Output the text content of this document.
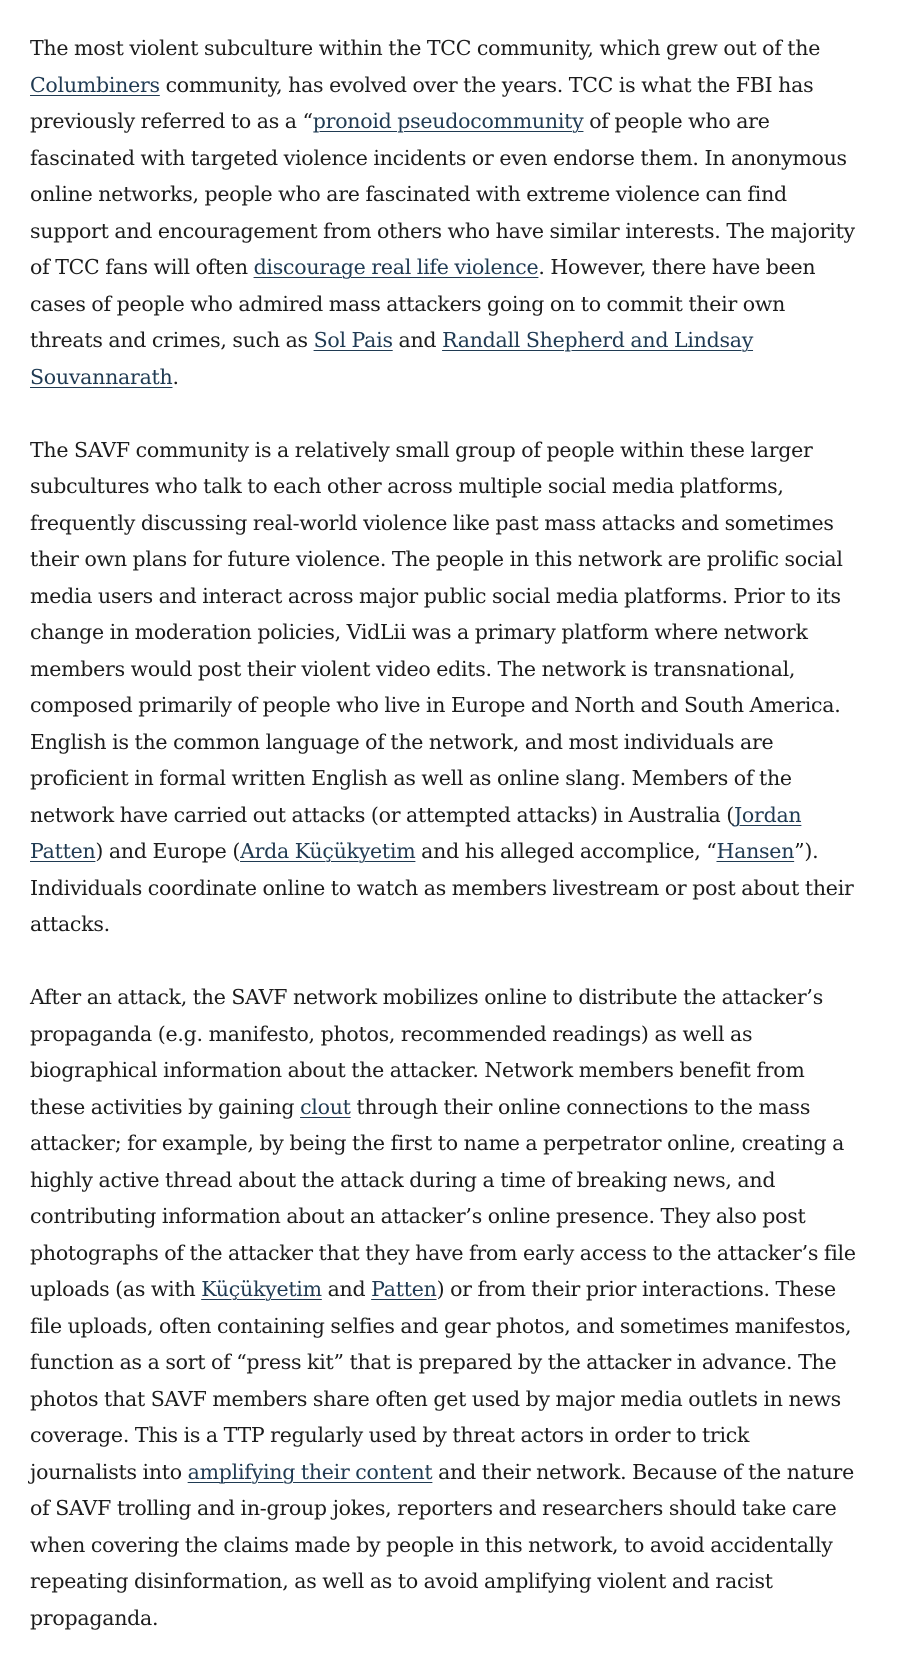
The most violent subculture within the TCC community, which grew out of the Columbiners community, has evolved over the years. TCC is what the FBI has previously referred to as a “pronoid pseudocommunity of people who are fascinated with targeted violence incidents or even endorse them. In anonymous online networks, people who are fascinated with extreme violence can find support and encouragement from others who have similar interests. The majority of TCC fans will often discourage real life violence. However, there have been cases of people who admired mass attackers going on to commit their own threats and crimes, such as Sol Pais and Randall Shepherd and Lindsay Souvannarath.

The SAVF community is a relatively small group of people within these larger subcultures who talk to each other across multiple social media platforms, frequently discussing real-world violence like past mass attacks and sometimes their own plans for future violence. The people in this network are prolific social media users and interact across major public social media platforms. Prior to its change in moderation policies, VidLii was a primary platform where network members would post their violent video edits. The network is transnational, composed primarily of people who live in Europe and North and South America. English is the common language of the network, and most individuals are proficient in formal written English as well as online slang. Members of the network have carried out attacks (or attempted attacks) in Australia (Jordan Patten) and Europe (Arda Küçükyetim and his alleged accomplice, “Hansen”). Individuals coordinate online to watch as members livestream or post about their attacks.

After an attack, the SAVF network mobilizes online to distribute the attacker’s propaganda (e.g. manifesto, photos, recommended readings) as well as biographical information about the attacker. Network members benefit from these activities by gaining clout through their online connections to the mass attacker; for example, by being the first to name a perpetrator online, creating a highly active thread about the attack during a time of breaking news, and contributing information about an attacker’s online presence. They also post photographs of the attacker that they have from early access to the attacker’s file uploads (as with Küçükyetim and Patten) or from their prior interactions. These file uploads, often containing selfies and gear photos, and sometimes manifestos, function as a sort of “press kit” that is prepared by the attacker in advance. The photos that SAVF members share often get used by major media outlets in news coverage. This is a TTP regularly used by threat actors in order to trick journalists into amplifying their content and their network. Because of the nature of SAVF trolling and in-group jokes, reporters and researchers should take care when covering the claims made by people in this network, to avoid accidentally repeating disinformation, as well as to avoid amplifying violent and racist propaganda.
